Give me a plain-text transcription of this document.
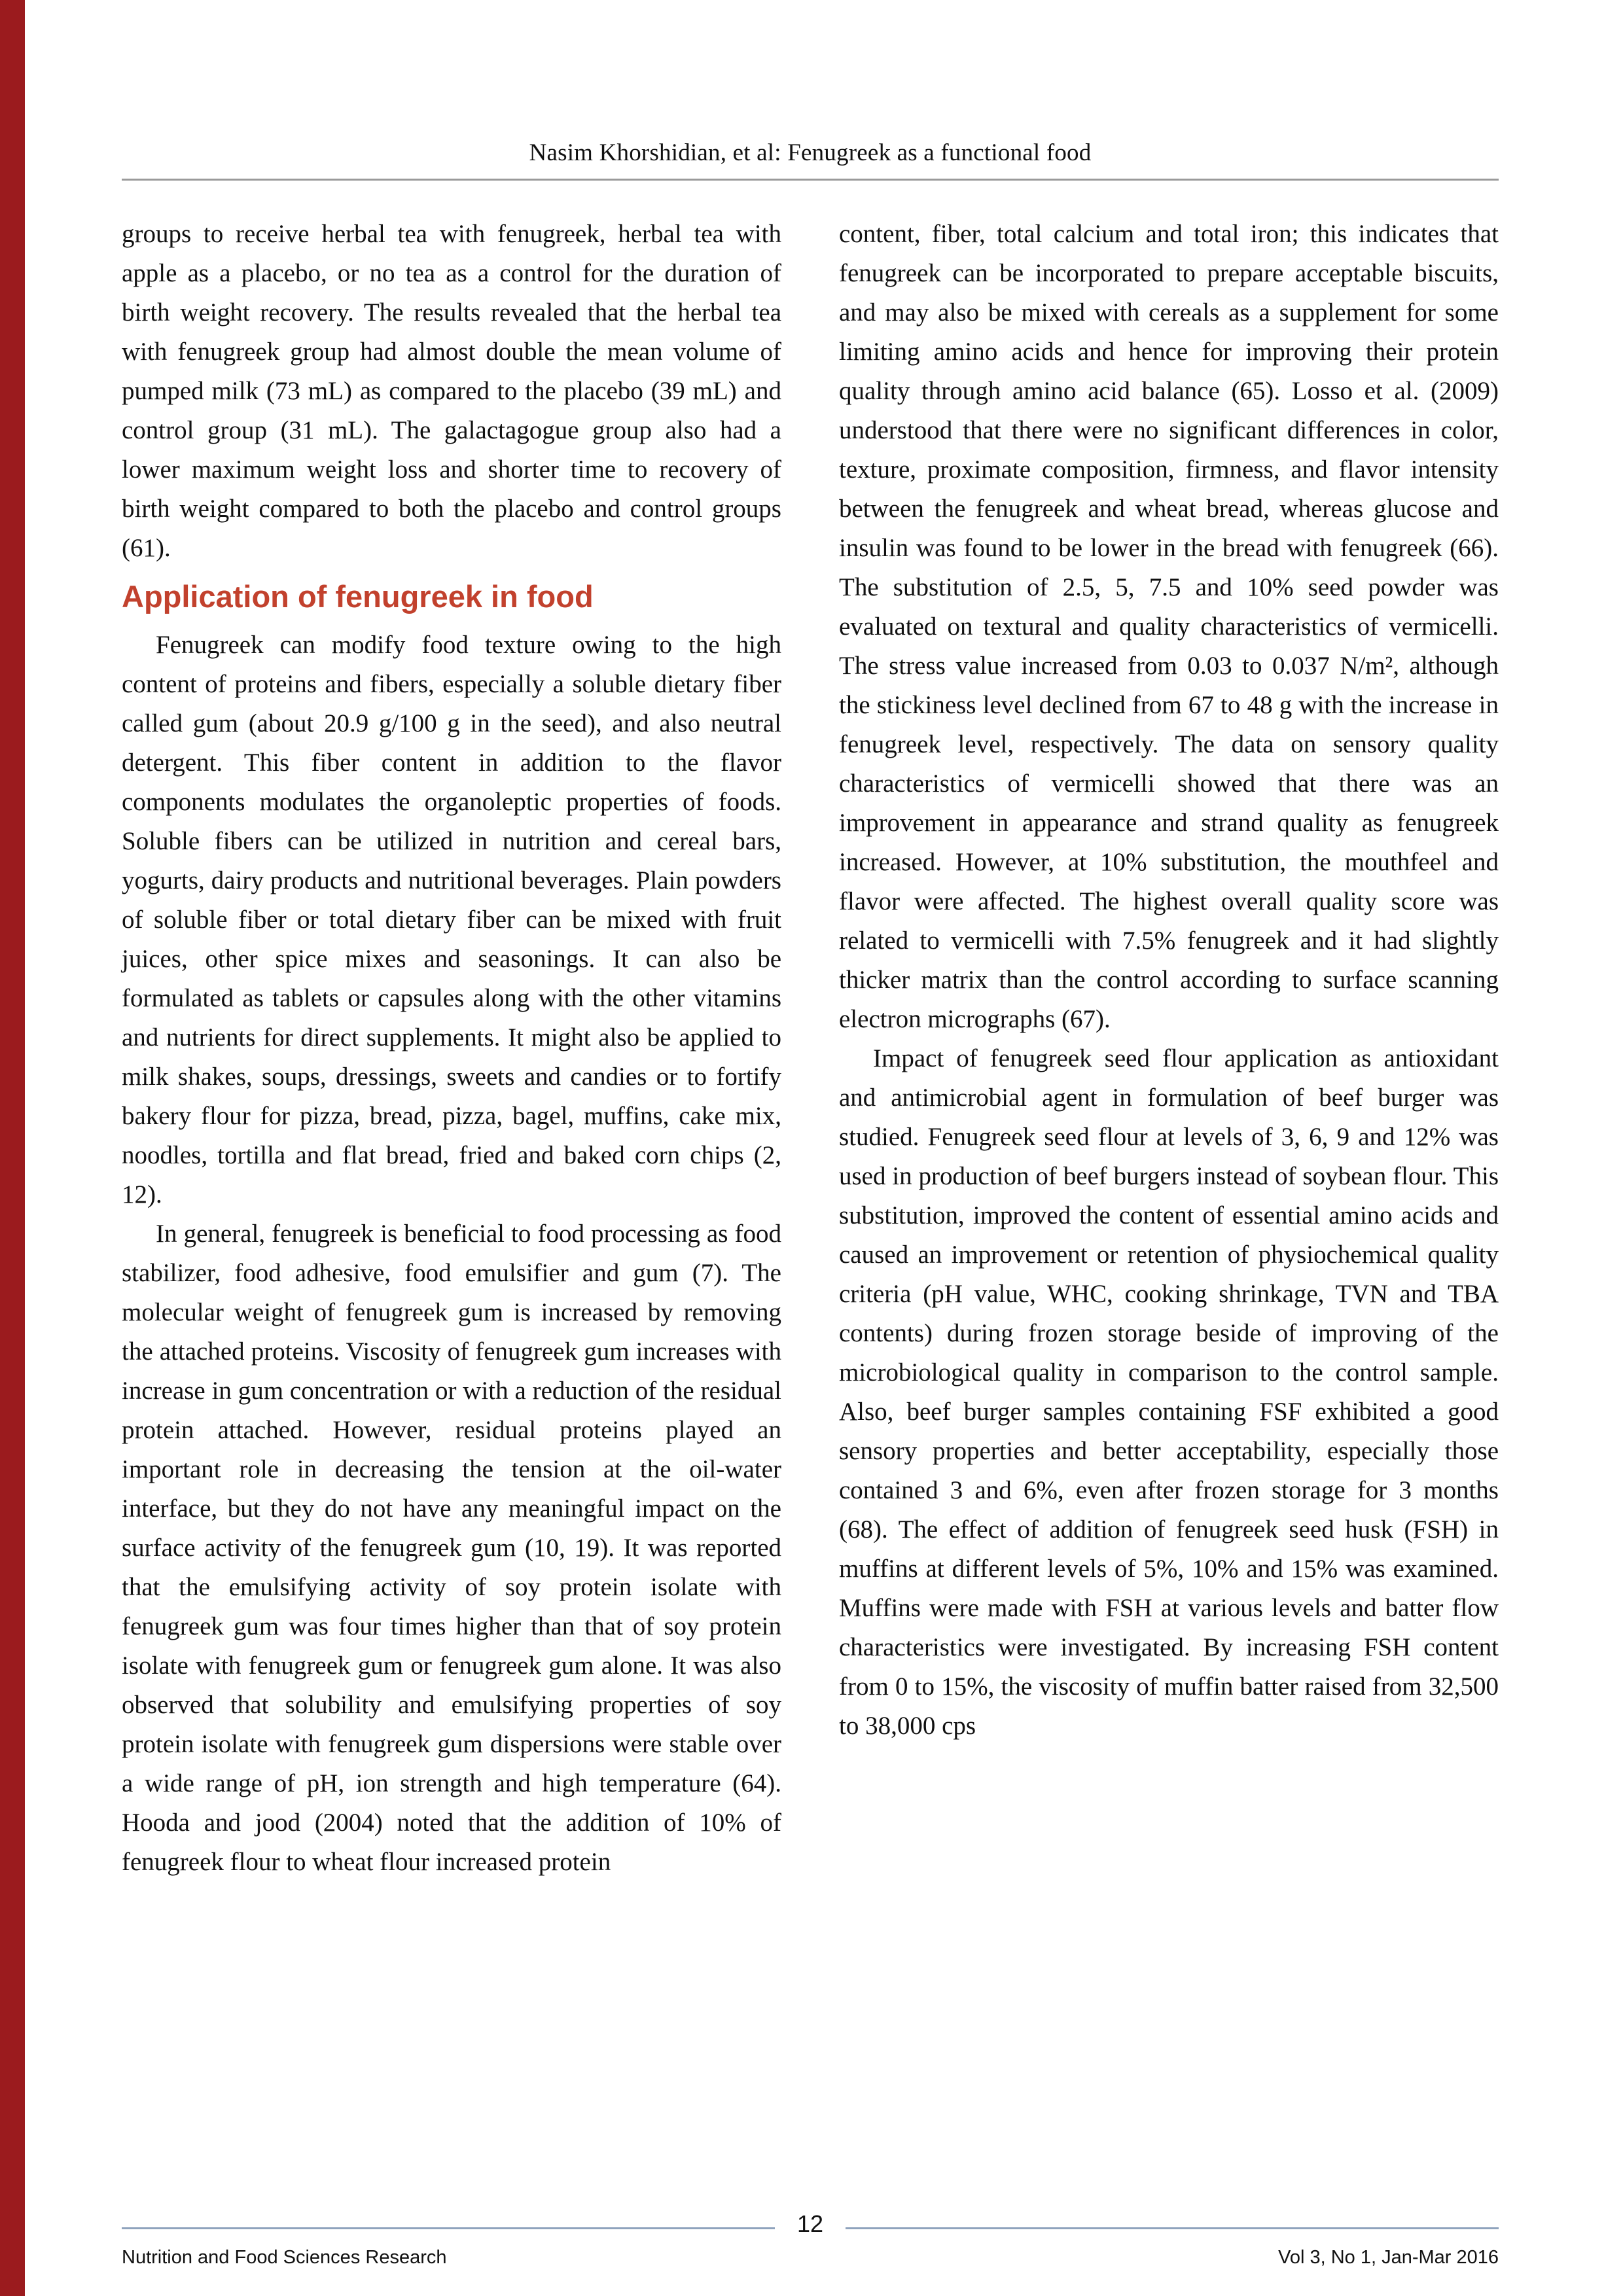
Nasim Khorshidian, et al: Fenugreek as a functional food

groups to receive herbal tea with fenugreek, herbal tea with apple as a placebo, or no tea as a control for the duration of birth weight recovery. The results revealed that the herbal tea with fenugreek group had almost double the mean volume of pumped milk (73 mL) as compared to the placebo (39 mL) and control group (31 mL). The galactagogue group also had a lower maximum weight loss and shorter time to recovery of birth weight compared to both the placebo and control groups (61).

Application of fenugreek in food

Fenugreek can modify food texture owing to the high content of proteins and fibers, especially a soluble dietary fiber called gum (about 20.9 g/100 g in the seed), and also neutral detergent. This fiber content in addition to the flavor components modulates the organoleptic properties of foods. Soluble fibers can be utilized in nutrition and cereal bars, yogurts, dairy products and nutritional beverages. Plain powders of soluble fiber or total dietary fiber can be mixed with fruit juices, other spice mixes and seasonings. It can also be formulated as tablets or capsules along with the other vitamins and nutrients for direct supplements. It might also be applied to milk shakes, soups, dressings, sweets and candies or to fortify bakery flour for pizza, bread, pizza, bagel, muffins, cake mix, noodles, tortilla and flat bread, fried and baked corn chips (2, 12).

In general, fenugreek is beneficial to food processing as food stabilizer, food adhesive, food emulsifier and gum (7). The molecular weight of fenugreek gum is increased by removing the attached proteins. Viscosity of fenugreek gum increases with increase in gum concentration or with a reduction of the residual protein attached. However, residual proteins played an important role in decreasing the tension at the oil-water interface, but they do not have any meaningful impact on the surface activity of the fenugreek gum (10, 19). It was reported that the emulsifying activity of soy protein isolate with fenugreek gum was four times higher than that of soy protein isolate with fenugreek gum or fenugreek gum alone. It was also observed that solubility and emulsifying properties of soy protein isolate with fenugreek gum dispersions were stable over a wide range of pH, ion strength and high temperature (64). Hooda and jood (2004) noted that the addition of 10% of fenugreek flour to wheat flour increased protein

content, fiber, total calcium and total iron; this indicates that fenugreek can be incorporated to prepare acceptable biscuits, and may also be mixed with cereals as a supplement for some limiting amino acids and hence for improving their protein quality through amino acid balance (65). Losso et al. (2009) understood that there were no significant differences in color, texture, proximate composition, firmness, and flavor intensity between the fenugreek and wheat bread, whereas glucose and insulin was found to be lower in the bread with fenugreek (66). The substitution of 2.5, 5, 7.5 and 10% seed powder was evaluated on textural and quality characteristics of vermicelli. The stress value increased from 0.03 to 0.037 N/m², although the stickiness level declined from 67 to 48 g with the increase in fenugreek level, respectively. The data on sensory quality characteristics of vermicelli showed that there was an improvement in appearance and strand quality as fenugreek increased. However, at 10% substitution, the mouthfeel and flavor were affected. The highest overall quality score was related to vermicelli with 7.5% fenugreek and it had slightly thicker matrix than the control according to surface scanning electron micrographs (67).

Impact of fenugreek seed flour application as antioxidant and antimicrobial agent in formulation of beef burger was studied. Fenugreek seed flour at levels of 3, 6, 9 and 12% was used in production of beef burgers instead of soybean flour. This substitution, improved the content of essential amino acids and caused an improvement or retention of physiochemical quality criteria (pH value, WHC, cooking shrinkage, TVN and TBA contents) during frozen storage beside of improving of the microbiological quality in comparison to the control sample. Also, beef burger samples containing FSF exhibited a good sensory properties and better acceptability, especially those contained 3 and 6%, even after frozen storage for 3 months (68). The effect of addition of fenugreek seed husk (FSH) in muffins at different levels of 5%, 10% and 15% was examined. Muffins were made with FSH at various levels and batter flow characteristics were investigated. By increasing FSH content from 0 to 15%, the viscosity of muffin batter raised from 32,500 to 38,000 cps

12
Nutrition and Food Sciences Research	Vol 3, No 1, Jan-Mar 2016
